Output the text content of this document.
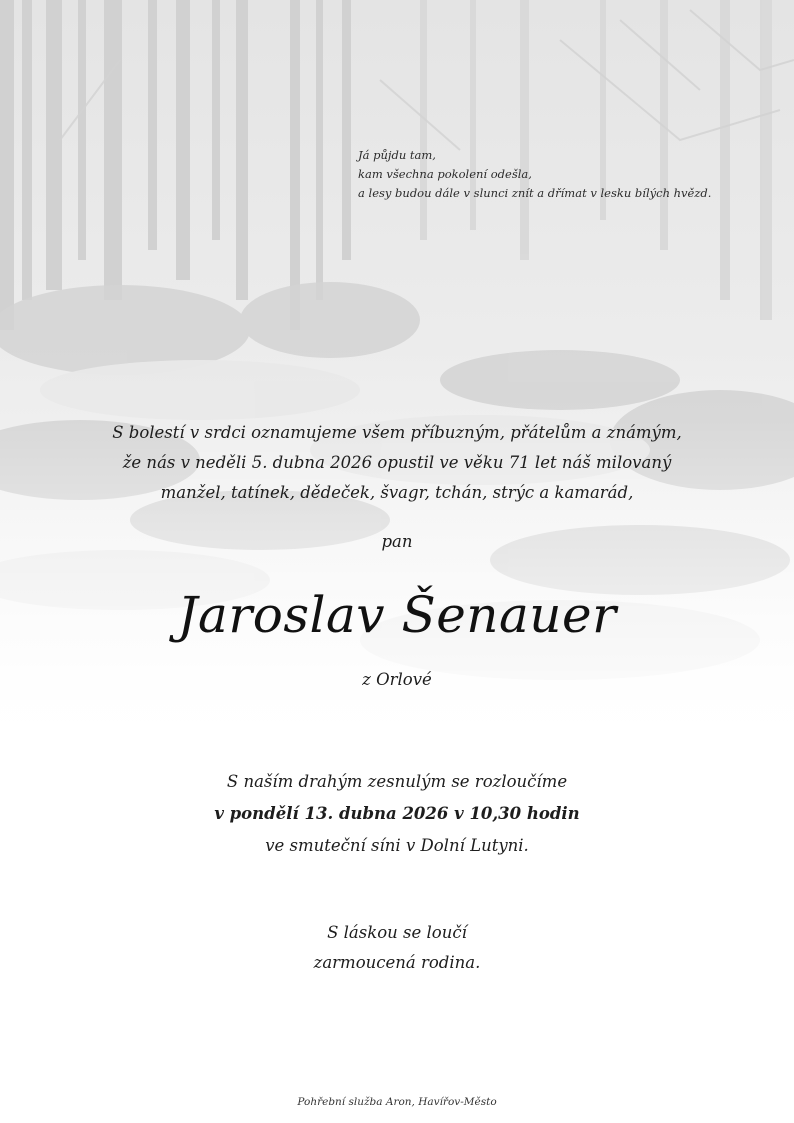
Já půjdu tam,
kam všechna pokolení odešla,
a lesy budou dále v slunci znít a dřímat v lesku bílých hvězd.
S bolestí v srdci oznamujeme všem příbuzným, přátelům a známým,
že nás v neděli 5. dubna 2026 opustil ve věku 71 let náš milovaný
manžel, tatínek, dědeček, švagr, tchán, strýc a kamarád,
pan
Jaroslav Šenauer
z Orlové
S naším drahým zesnulým se rozloučíme
v pondělí 13. dubna 2026 v 10,30 hodin
ve smuteční síni v Dolní Lutyni.
S láskou se loučí
zarmoucená rodina.
Pohřební služba Aron, Havířov-Město
